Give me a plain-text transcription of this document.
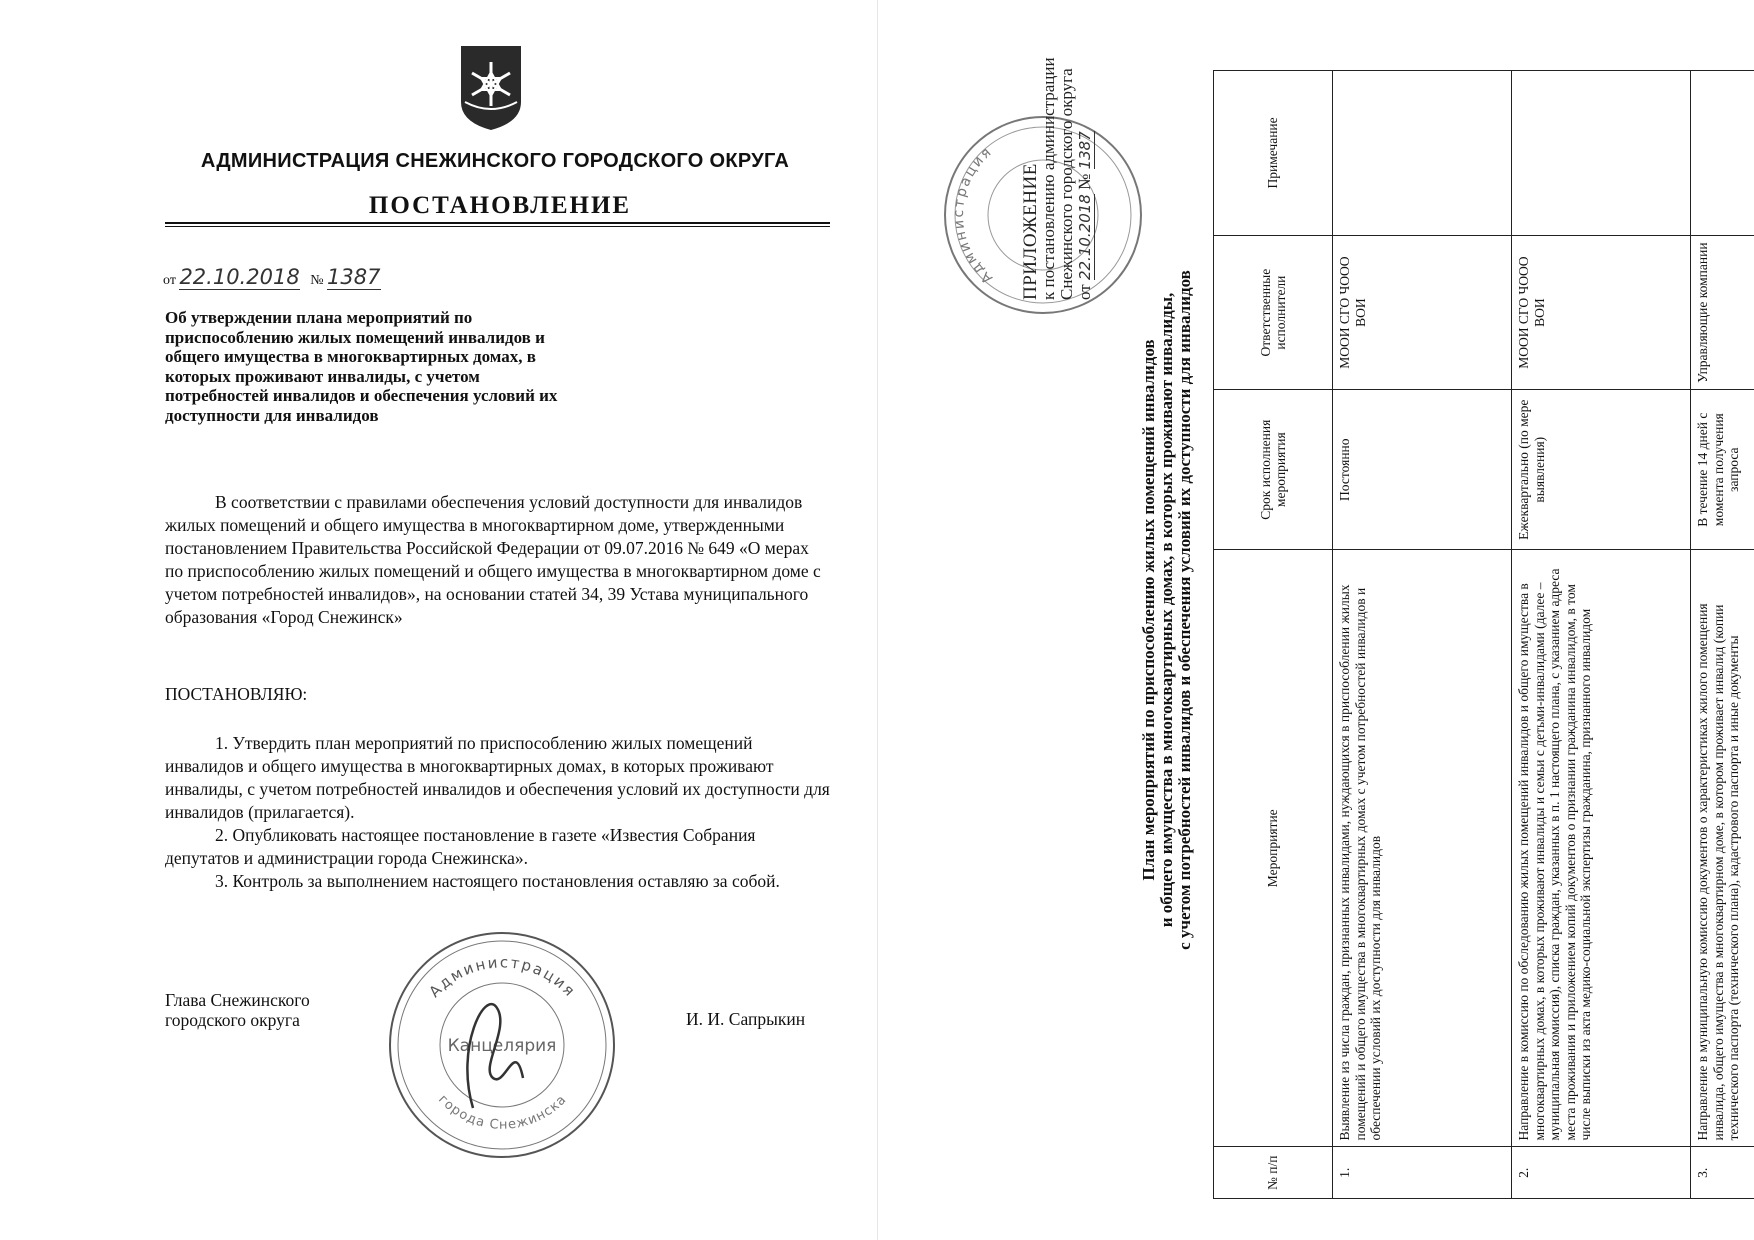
АДМИНИСТРАЦИЯ СНЕЖИНСКОГО ГОРОДСКОГО ОКРУГА
ПОСТАНОВЛЕНИЕ
от 22.10.2018 № 1387
Об утверждении плана мероприятий по приспособлению жилых помещений инвалидов и общего имущества в многоквартирных домах, в которых проживают инвалиды, с учетом потребностей инвалидов и обеспечения условий их доступности для инвалидов
В соответствии с правилами обеспечения условий доступности для инвалидов жилых помещений и общего имущества в многоквартирном доме, утвержденными постановлением Правительства Российской Федерации от 09.07.2016 № 649 «О мерах по приспособлению жилых помещений и общего имущества в многоквартирном доме с учетом потребностей инвалидов», на основании статей 34, 39 Устава муниципального образования «Город Снежинск»
ПОСТАНОВЛЯЮ:
1. Утвердить план мероприятий по приспособлению жилых помещений инвалидов и общего имущества в многоквартирных домах, в которых проживают инвалиды, с учетом потребностей инвалидов и обеспечения условий их доступности для инвалидов (прилагается).
2. Опубликовать настоящее постановление в газете «Известия Собрания депутатов и администрации города Снежинска».
3. Контроль за выполнением настоящего постановления оставляю за собой.
Глава Снежинского
городского округа	И. И. Сапрыкин
Администрация
города Снежинска
Канцелярия
Администрация
ПРИЛОЖЕНИЕ
к постановлению администрации Снежинского городского округа от 22.10.2018 № 1387
План мероприятий по приспособлению жилых помещений инвалидов и общего имущества в многоквартирных домах, в которых проживают инвалиды, с учетом потребностей инвалидов и обеспечения условий их доступности для инвалидов
№ п/п	Мероприятие	Срок исполнения мероприятия	Ответственные исполнители	Примечание
1.	Выявление из числа граждан, признанных инвалидами, нуждающихся в приспособлении жилых помещений и общего имущества в многоквартирных домах с учетом потребностей инвалидов и обеспечении условий их доступности для инвалидов	Постоянно	МООИ СГО ЧООО ВОИ	
2.	Направление в комиссию по обследованию жилых помещений инвалидов и общего имущества в многоквартирных домах, в которых проживают инвалиды и семьи с детьми-инвалидами (далее – муниципальная комиссия), списка граждан, указанных в п. 1 настоящего плана, с указанием адреса места проживания и приложением копий документов о признании гражданина инвалидом, в том числе выписки из акта медико-социальной экспертизы гражданина, признанного инвалидом	Ежеквартально (по мере выявления)	МООИ СГО ЧООО ВОИ	
3.	Направление в муниципальную комиссию документов о характеристиках жилого помещения инвалида, общего имущества в многоквартирном доме, в котором проживает инвалид (копии технического паспорта (технического плана), кадастрового паспорта и иные документы	В течение 14 дней с момента получения запроса	Управляющие компании	
